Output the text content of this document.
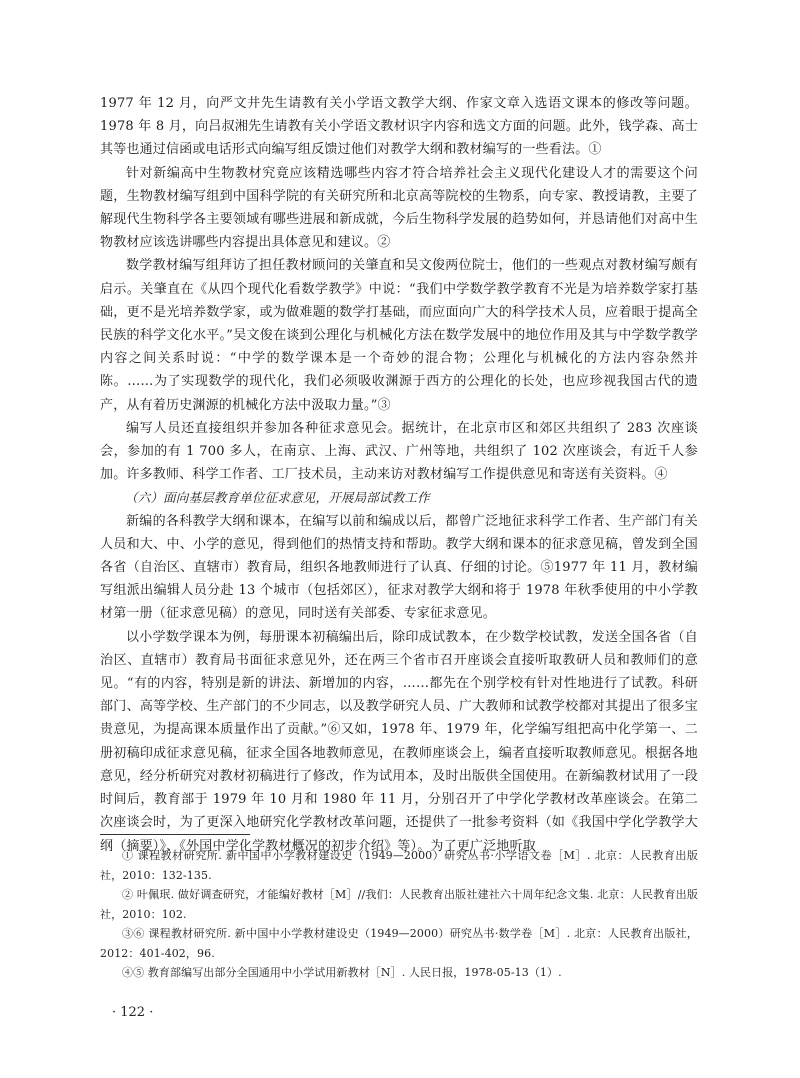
1977 年 12 月，向严文井先生请教有关小学语文教学大纲、作家文章入选语文课本的修改等问题。1978 年 8 月，向吕叔湘先生请教有关小学语文教材识字内容和选文方面的问题。此外，钱学森、高士其等也通过信函或电话形式向编写组反馈过他们对教学大纲和教材编写的一些看法。①

针对新编高中生物教材究竟应该精选哪些内容才符合培养社会主义现代化建设人才的需要这个问题，生物教材编写组到中国科学院的有关研究所和北京高等院校的生物系，向专家、教授请教，主要了解现代生物科学各主要领域有哪些进展和新成就，今后生物科学发展的趋势如何，并恳请他们对高中生物教材应该选讲哪些内容提出具体意见和建议。②

数学教材编写组拜访了担任教材顾问的关肇直和吴文俊两位院士，他们的一些观点对教材编写颇有启示。关肇直在《从四个现代化看数学教学》中说：“我们中学数学教学教育不光是为培养数学家打基础，更不是光培养数学家，或为做难题的数学打基础，而应面向广大的科学技术人员，应着眼于提高全民族的科学文化水平。”吴文俊在谈到公理化与机械化方法在数学发展中的地位作用及其与中学数学教学内容之间关系时说：“中学的数学课本是一个奇妙的混合物；公理化与机械化的方法内容杂然并陈。……为了实现数学的现代化，我们必须吸收渊源于西方的公理化的长处，也应珍视我国古代的遗产，从有着历史渊源的机械化方法中汲取力量。”③

编写人员还直接组织并参加各种征求意见会。据统计，在北京市区和郊区共组织了 283 次座谈会，参加的有 1 700 多人，在南京、上海、武汉、广州等地，共组织了 102 次座谈会，有近千人参加。许多教师、科学工作者、工厂技术员，主动来访对教材编写工作提供意见和寄送有关资料。④

（六）面向基层教育单位征求意见，开展局部试教工作

新编的各科教学大纲和课本，在编写以前和编成以后，都曾广泛地征求科学工作者、生产部门有关人员和大、中、小学的意见，得到他们的热情支持和帮助。教学大纲和课本的征求意见稿，曾发到全国各省（自治区、直辖市）教育局，组织各地教师进行了认真、仔细的讨论。⑤1977 年 11 月，教材编写组派出编辑人员分赴 13 个城市（包括郊区），征求对教学大纲和将于 1978 年秋季使用的中小学教材第一册（征求意见稿）的意见，同时送有关部委、专家征求意见。

以小学数学课本为例，每册课本初稿编出后，除印成试教本，在少数学校试教，发送全国各省（自治区、直辖市）教育局书面征求意见外，还在两三个省市召开座谈会直接听取教研人员和教师们的意见。“有的内容，特别是新的讲法、新增加的内容，……都先在个别学校有针对性地进行了试教。科研部门、高等学校、生产部门的不少同志，以及教学研究人员、广大教师和试教学校都对其提出了很多宝贵意见，为提高课本质量作出了贡献。”⑥又如，1978 年、1979 年，化学编写组把高中化学第一、二册初稿印成征求意见稿，征求全国各地教师意见，在教师座谈会上，编者直接听取教师意见。根据各地意见，经分析研究对教材初稿进行了修改，作为试用本，及时出版供全国使用。在新编教材试用了一段时间后，教育部于 1979 年 10 月和 1980 年 11 月，分别召开了中学化学教材改革座谈会。在第二次座谈会时，为了更深入地研究化学教材改革问题，还提供了一批参考资料（如《我国中学化学教学大纲（摘要）》、《外国中学化学教材概况的初步介绍》等）。为了更广泛地听取

① 课程教材研究所. 新中国中小学教材建设史（1949—2000）研究丛书·小学语文卷［M］. 北京：人民教育出版社，2010：132-135.

② 叶佩珉. 做好调查研究，才能编好教材［M］//我们：人民教育出版社建社六十周年纪念文集. 北京：人民教育出版社，2010：102.

③⑥ 课程教材研究所. 新中国中小学教材建设史（1949—2000）研究丛书·数学卷［M］. 北京：人民教育出版社，2012：401-402，96.

④⑤ 教育部编写出部分全国通用中小学试用新教材［N］. 人民日报，1978-05-13（1）.

· 122 ·
